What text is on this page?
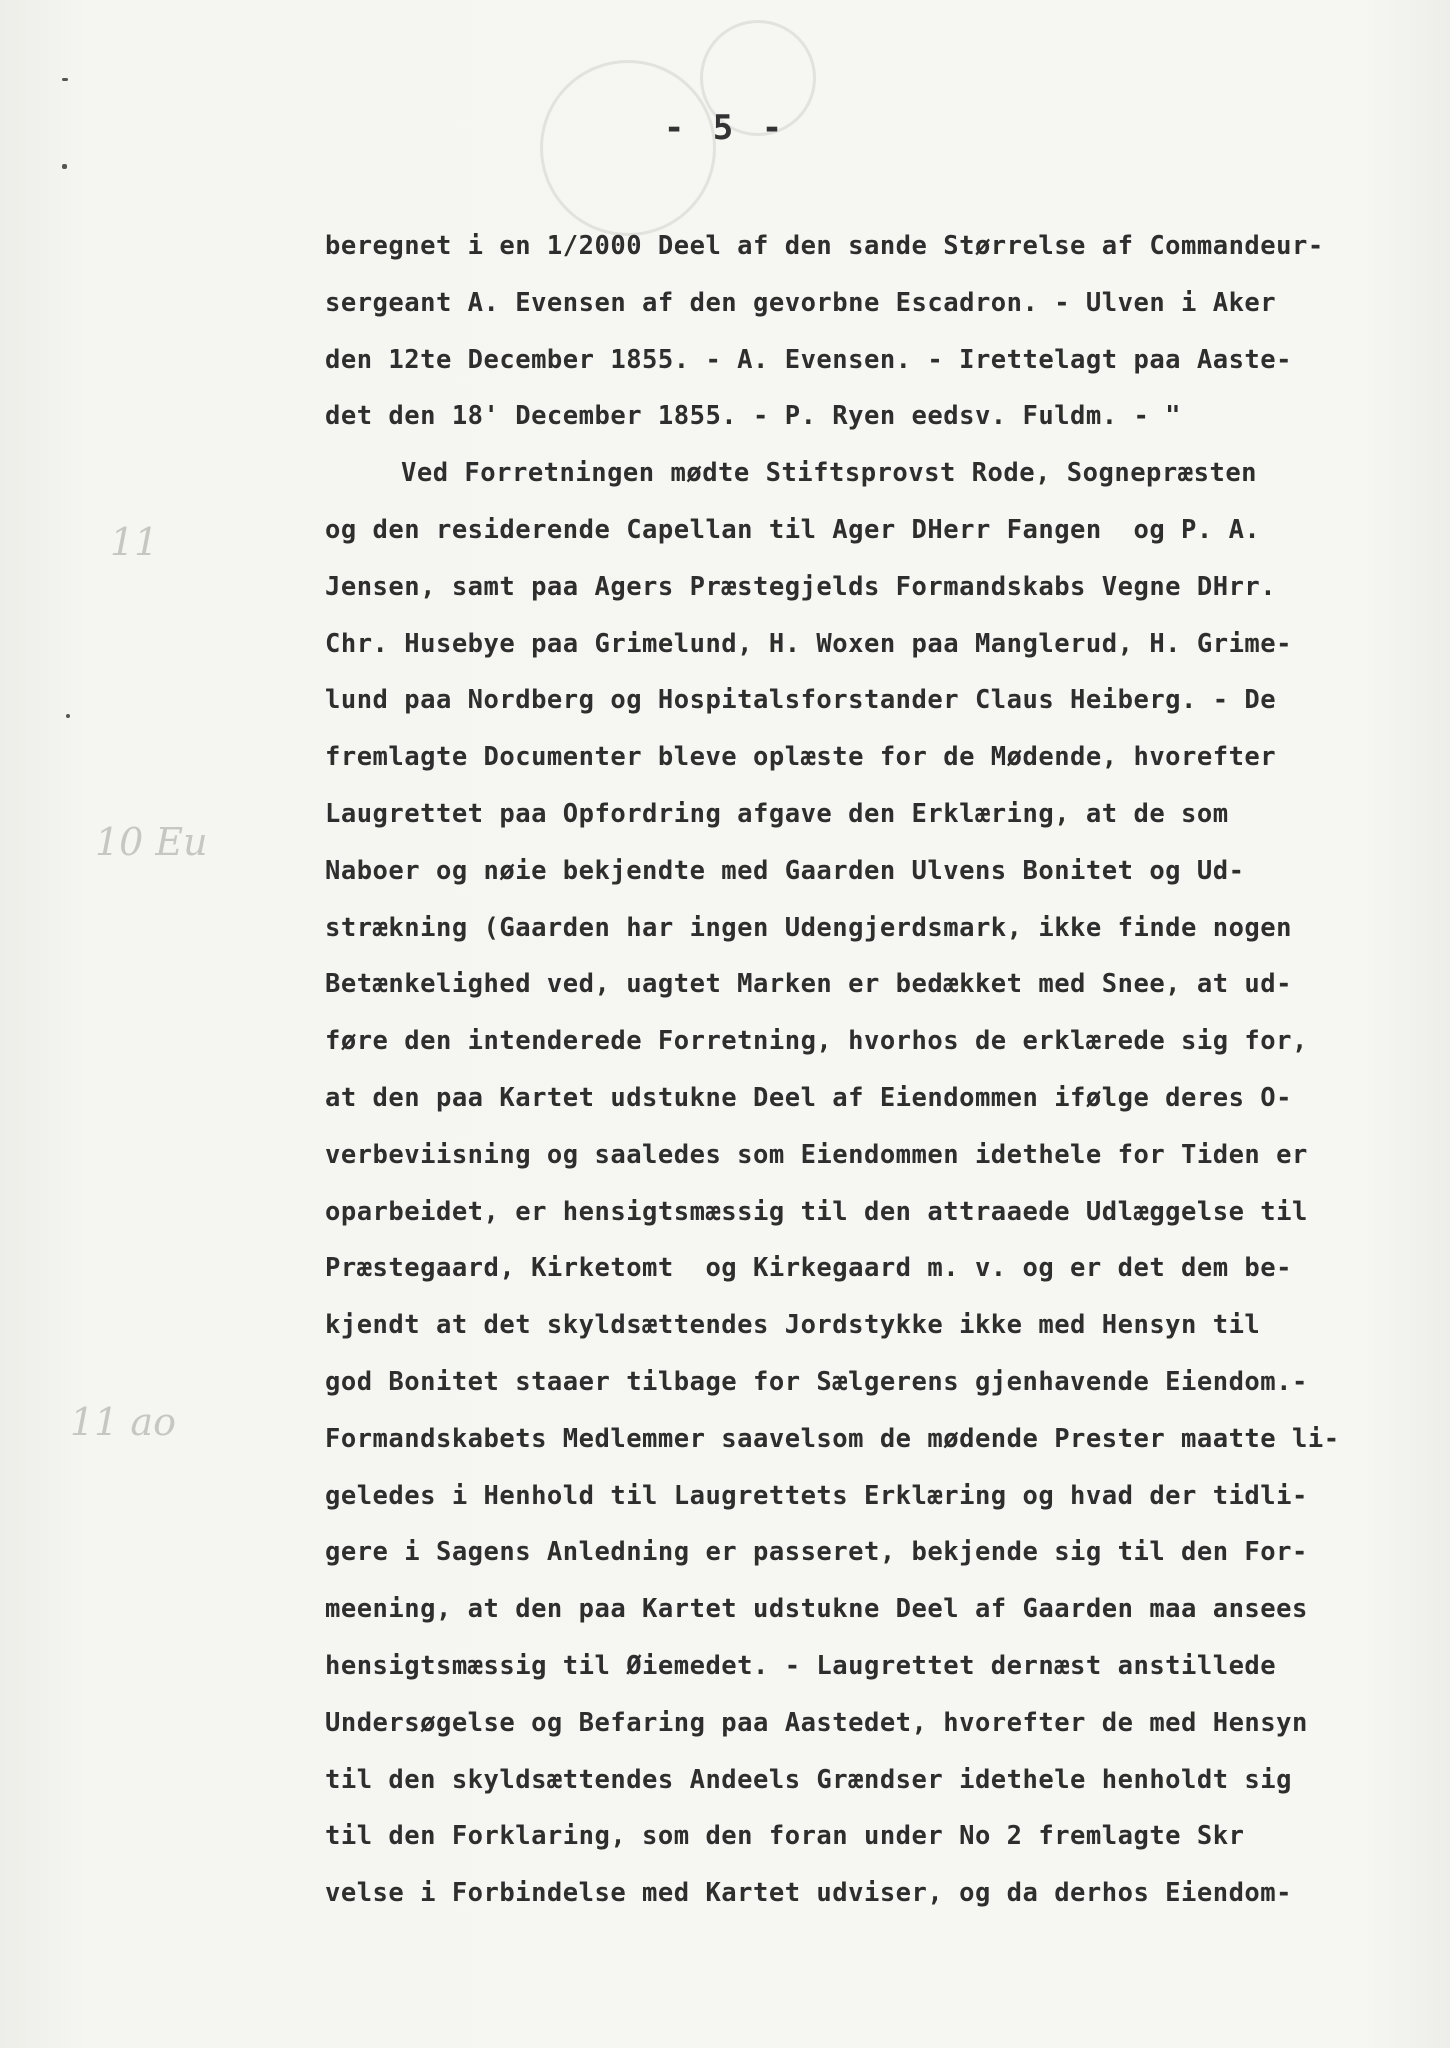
11
10 Eu
11 ao
- 5 -
beregnet i en 1/2000 Deel af den sande Størrelse af Commandeur-
sergeant A. Evensen af den gevorbne Escadron. - Ulven i Aker
den 12te December 1855. - A. Evensen. - Irettelagt paa Aaste-
det den 18' December 1855. - P. Ryen eedsv. Fuldm. - "
Ved Forretningen mødte Stiftsprovst Rode, Sognepræsten
og den residerende Capellan til Ager DHerr Fangen  og P. A.
Jensen, samt paa Agers Præstegjelds Formandskabs Vegne DHrr.
Chr. Husebye paa Grimelund, H. Woxen paa Manglerud, H. Grime-
lund paa Nordberg og Hospitalsforstander Claus Heiberg. - De
fremlagte Documenter bleve oplæste for de Mødende, hvorefter
Laugrettet paa Opfordring afgave den Erklæring, at de som
Naboer og nøie bekjendte med Gaarden Ulvens Bonitet og Ud-
strækning (Gaarden har ingen Udengjerdsmark, ikke finde nogen
Betænkelighed ved, uagtet Marken er bedækket med Snee, at ud-
føre den intenderede Forretning, hvorhos de erklærede sig for,
at den paa Kartet udstukne Deel af Eiendommen ifølge deres O-
verbeviisning og saaledes som Eiendommen idethele for Tiden er
oparbeidet, er hensigtsmæssig til den attraaede Udlæggelse til
Præstegaard, Kirketomt  og Kirkegaard m. v. og er det dem be-
kjendt at det skyldsættendes Jordstykke ikke med Hensyn til
god Bonitet staaer tilbage for Sælgerens gjenhavende Eiendom.-
Formandskabets Medlemmer saavelsom de mødende Prester maatte li-
geledes i Henhold til Laugrettets Erklæring og hvad der tidli-
gere i Sagens Anledning er passeret, bekjende sig til den For-
meening, at den paa Kartet udstukne Deel af Gaarden maa ansees
hensigtsmæssig til Øiemedet. - Laugrettet dernæst anstillede
Undersøgelse og Befaring paa Aastedet, hvorefter de med Hensyn
til den skyldsættendes Andeels Grændser idethele henholdt sig
til den Forklaring, som den foran under No 2 fremlagte Skr
velse i Forbindelse med Kartet udviser, og da derhos Eiendom-
